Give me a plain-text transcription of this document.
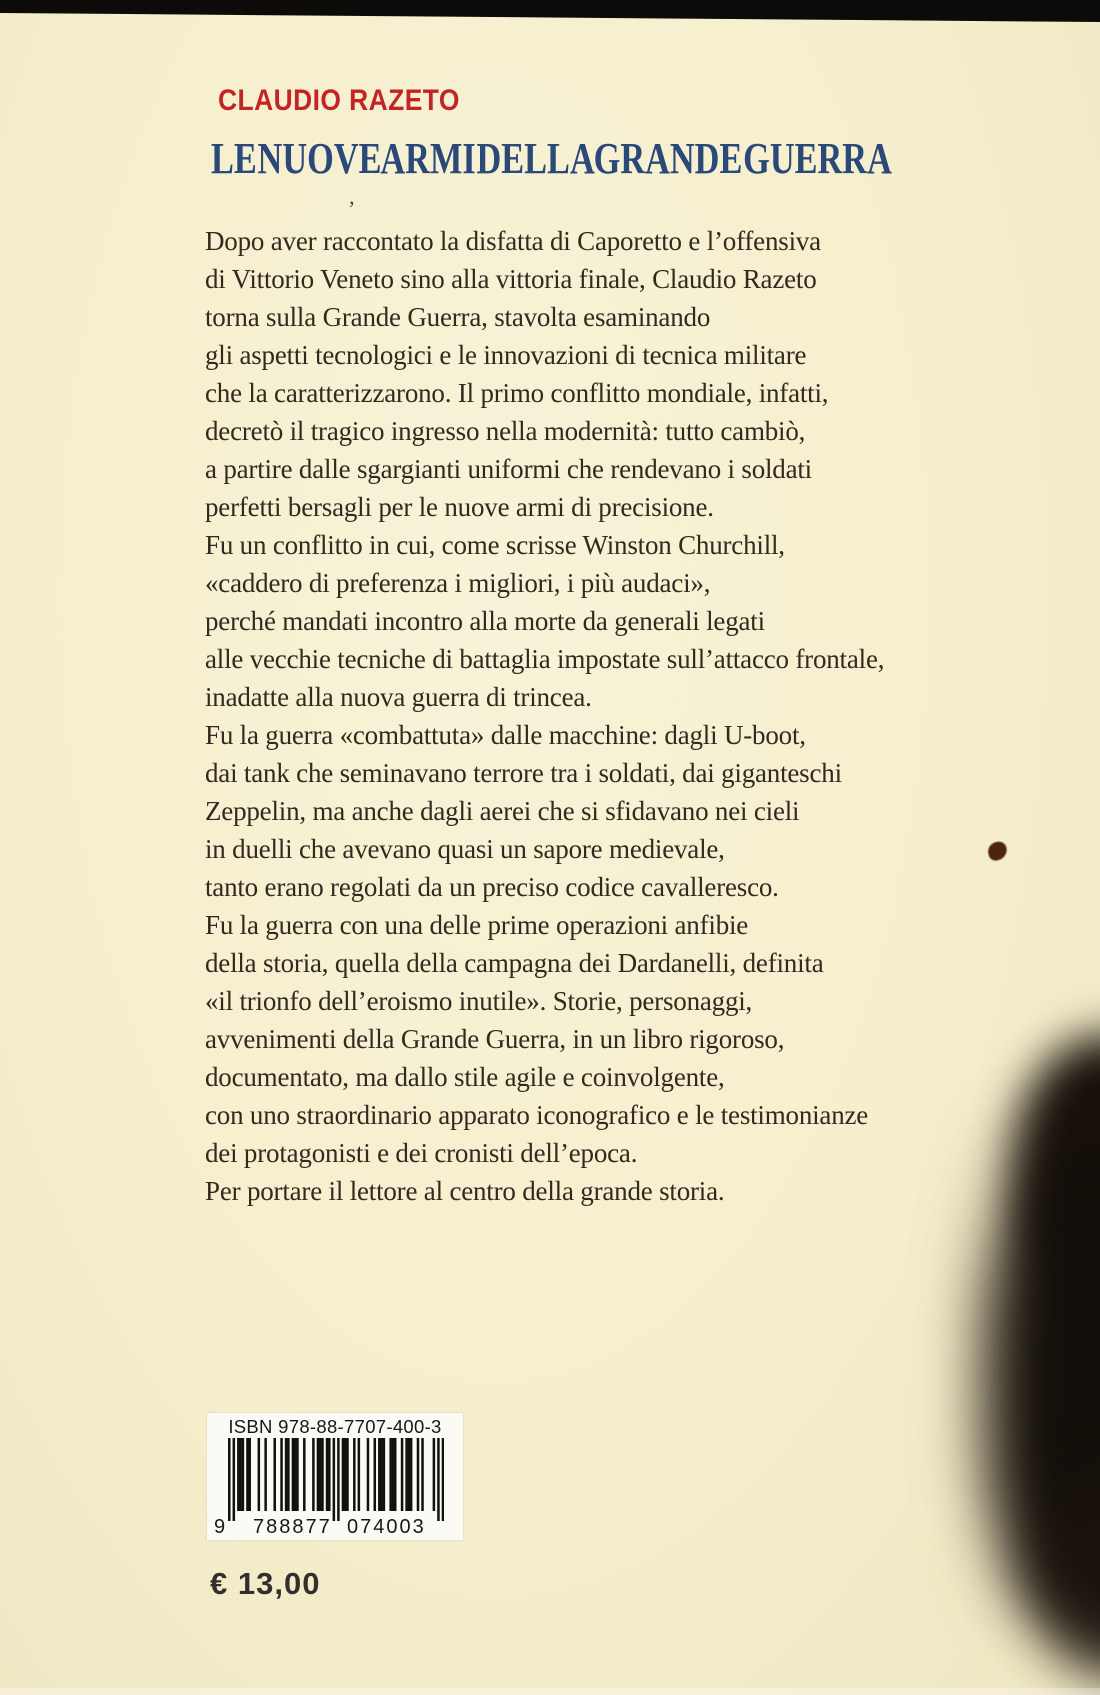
CLAUDIO RAZETO
LE NUOVE ARMI DELLA GRANDE GUERRA
’
Dopo aver raccontato la disfatta di Caporetto e l’offensiva
di Vittorio Veneto sino alla vittoria finale, Claudio Razeto
torna sulla Grande Guerra, stavolta esaminando
gli aspetti tecnologici e le innovazioni di tecnica militare
che la caratterizzarono. Il primo conflitto mondiale, infatti,
decretò il tragico ingresso nella modernità: tutto cambiò,
a partire dalle sgargianti uniformi che rendevano i soldati
perfetti bersagli per le nuove armi di precisione.
Fu un conflitto in cui, come scrisse Winston Churchill,
«caddero di preferenza i migliori, i più audaci»,
perché mandati incontro alla morte da generali legati
alle vecchie tecniche di battaglia impostate sull’attacco frontale,
inadatte alla nuova guerra di trincea.
Fu la guerra «combattuta» dalle macchine: dagli U-boot,
dai tank che seminavano terrore tra i soldati, dai giganteschi
Zeppelin, ma anche dagli aerei che si sfidavano nei cieli
in duelli che avevano quasi un sapore medievale,
tanto erano regolati da un preciso codice cavalleresco.
Fu la guerra con una delle prime operazioni anfibie
della storia, quella della campagna dei Dardanelli, definita
«il trionfo dell’eroismo inutile». Storie, personaggi,
avvenimenti della Grande Guerra, in un libro rigoroso,
documentato, ma dallo stile agile e coinvolgente,
con uno straordinario apparato iconografico e le testimonianze
dei protagonisti e dei cronisti dell’epoca.
Per portare il lettore al centro della grande storia.
ISBN 978-88-7707-400-3
9 788877 074003
€ 13,00
